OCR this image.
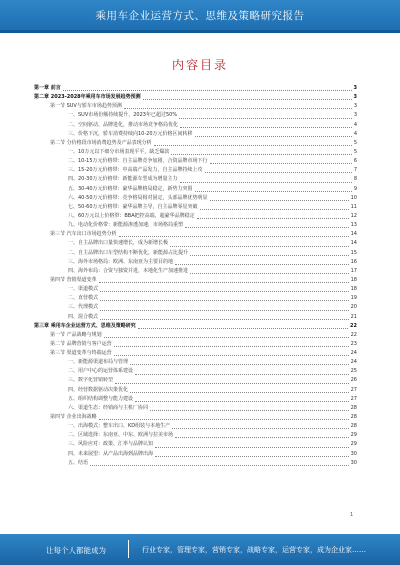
乘用车企业运营方式、思维及策略研究报告
内容目录
第一章 前言	3
第二章 2023-2028年乘用车市场发展趋势预测	3
第一节 SUV与轿车市场趋势预测	3
一、SUV市场份额持续提升，2023年已超过50%	3
二、空间驱动、品牌进化，推动市场竞争格局优化	4
三、价格下沉，轿车消费持续向10-20万元价格区间转移	4
第二节 分价格段市场消费趋势及产品表现分析	5
一、10万元以下细分市场表现平平，缺乏爆款	5
二、10-15万元价格带：自主品牌竞争加剧，合资品牌市场下行	6
三、15-20万元价格带：中高端产品发力，自主品牌持续上攻	7
四、20-30万元价格带：新能源车型成为增量主力	8
五、30-40万元价格带：豪华品牌格局稳定，新势力突围	9
六、40-50万元价格带：竞争格局相对固定，头部品牌优势明显	10
七、50-60万元价格带：豪华品牌主导，自主品牌零星突破	11
八、60万元以上价格带：BBA把控高端，超豪华品牌稳定	12
九、电动化价格带：新能源渗透加速，市场格局重塑	13
第三节 汽车出口市场趋势分析	14
一、自主品牌出口量快速增长，成为新增长极	14
二、自主品牌出口车型结构不断优化，新能源占比提升	15
三、海外市场格局：欧洲、东南亚为主要目的地	16
四、海外布局：合资与独资并进，本地化生产加速推进	17
第四节 营销渠道变革	18
一、渠道模式	18
二、直营模式	19
三、代理模式	20
四、混合模式	21
第三章 乘用车企业运营方式、思维及策略研究	22
第一节 产品战略与规划	22
第二节 品牌营销与客户运营	23
第三节 渠道变革与终端运营	24
一、新能源渠道布局与管理	24
二、用户中心的运营体系建设	25
三、数字化营销转型	26
四、经营数据驱动决策优化	27
五、组织结构调整与能力建设	27
六、渠道生态：经销商与主机厂协同	28
第四节 企业出海战略	28
一、出海模式：整车出口、KD组装与本地生产	28
二、区域选择：东南亚、中东、欧洲与拉美市场	29
三、风险应对：政策、汇率与品牌认知	29
四、未来展望：从产品出海到品牌出海	30
五、结语	30
1
让每个人都能成为	行业专家，管理专家，营销专家，战略专家，运营专家，成为企业家……
